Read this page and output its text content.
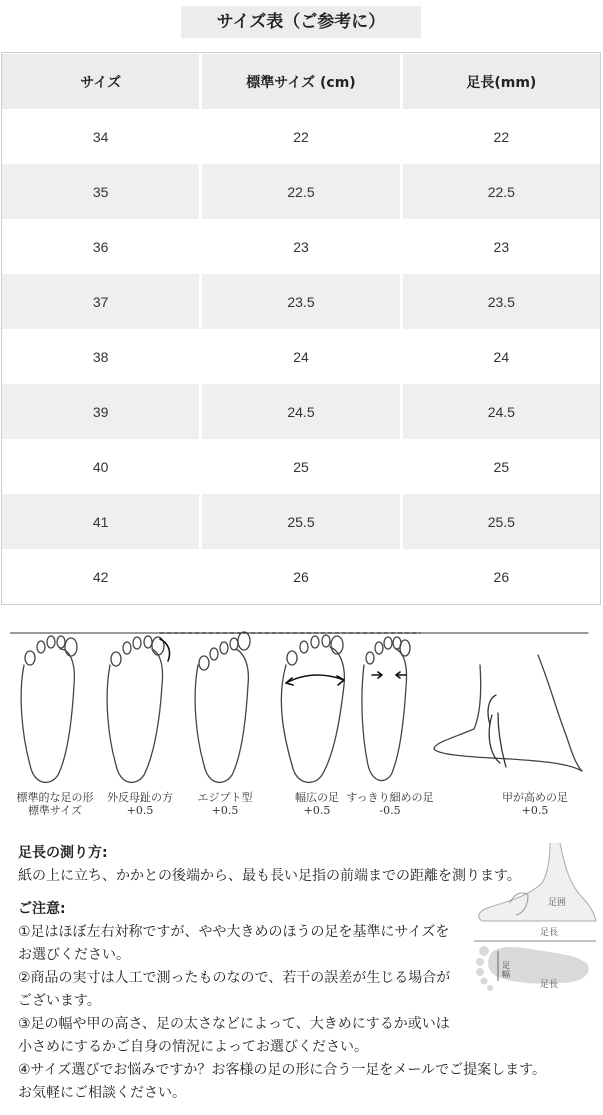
サイズ表（ご参考に）
サイズ	標準サイズ (cm)	足長(mm)
34	22	22
35	22.5	22.5
36	23	23
37	23.5	23.5
38	24	24
39	24.5	24.5
40	25	25
41	25.5	25.5
42	26	26
標準的な足の形
標準サイズ
外反母趾の方
+0.5
エジプト型
+0.5
幅広の足
+0.5
すっきり細めの足
-0.5
甲が高めの足
+0.5
足囲
足長
足幅
足長
足長の測り方:
紙の上に立ち、かかとの後端から、最も長い足指の前端までの距離を測ります。
ご注意:
①足はほぼ左右対称ですが、やや大きめのほうの足を基準にサイズを
お選びください。
②商品の実寸は人工で測ったものなので、若干の誤差が生じる場合が
ございます。
③足の幅や甲の高さ、足の太さなどによって、大きめにするか或いは
小さめにするかご自身の情況によってお選びください。
④サイズ選びでお悩みですか？お客様の足の形に合う一足をメールでご提案します。
お気軽にご相談ください。
